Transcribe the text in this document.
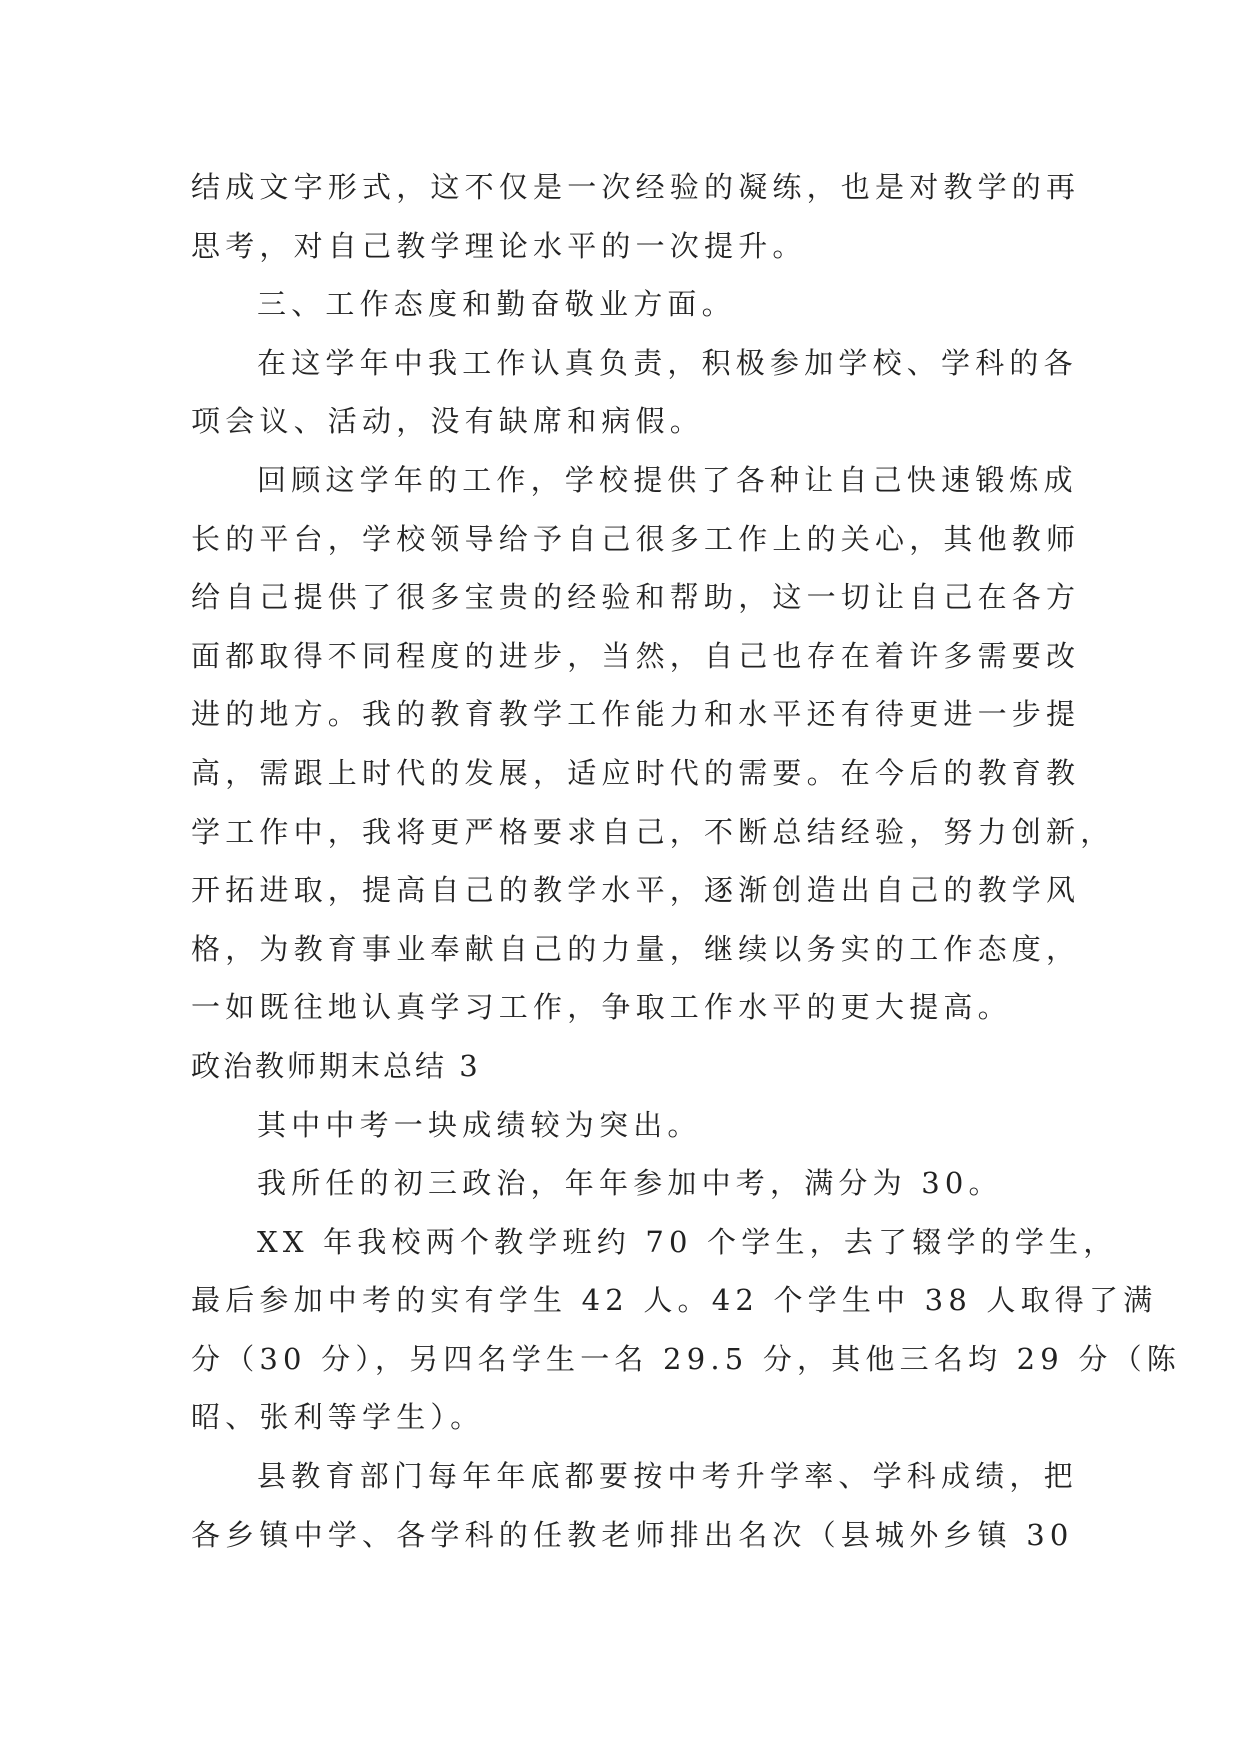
结成文字形式，这不仅是一次经验的凝练，也是对教学的再
思考，对自己教学理论水平的一次提升。
三、工作态度和勤奋敬业方面。
在这学年中我工作认真负责，积极参加学校、学科的各
项会议、活动，没有缺席和病假。
回顾这学年的工作，学校提供了各种让自己快速锻炼成
长的平台，学校领导给予自己很多工作上的关心，其他教师
给自己提供了很多宝贵的经验和帮助，这一切让自己在各方
面都取得不同程度的进步，当然，自己也存在着许多需要改
进的地方。我的教育教学工作能力和水平还有待更进一步提
高，需跟上时代的发展，适应时代的需要。在今后的教育教
学工作中，我将更严格要求自己，不断总结经验，努力创新，
开拓进取，提高自己的教学水平，逐渐创造出自己的教学风
格，为教育事业奉献自己的力量，继续以务实的工作态度，
一如既往地认真学习工作，争取工作水平的更大提高。
政治教师期末总结 3
其中中考一块成绩较为突出。
我所任的初三政治，年年参加中考，满分为 30。
XX 年我校两个教学班约 70 个学生，去了辍学的学生，
最后参加中考的实有学生 42 人。42 个学生中 38 人取得了满
分（30 分），另四名学生一名 29.5 分，其他三名均 29 分（陈
昭、张利等学生）。
县教育部门每年年底都要按中考升学率、学科成绩，把
各乡镇中学、各学科的任教老师排出名次（县城外乡镇 30
